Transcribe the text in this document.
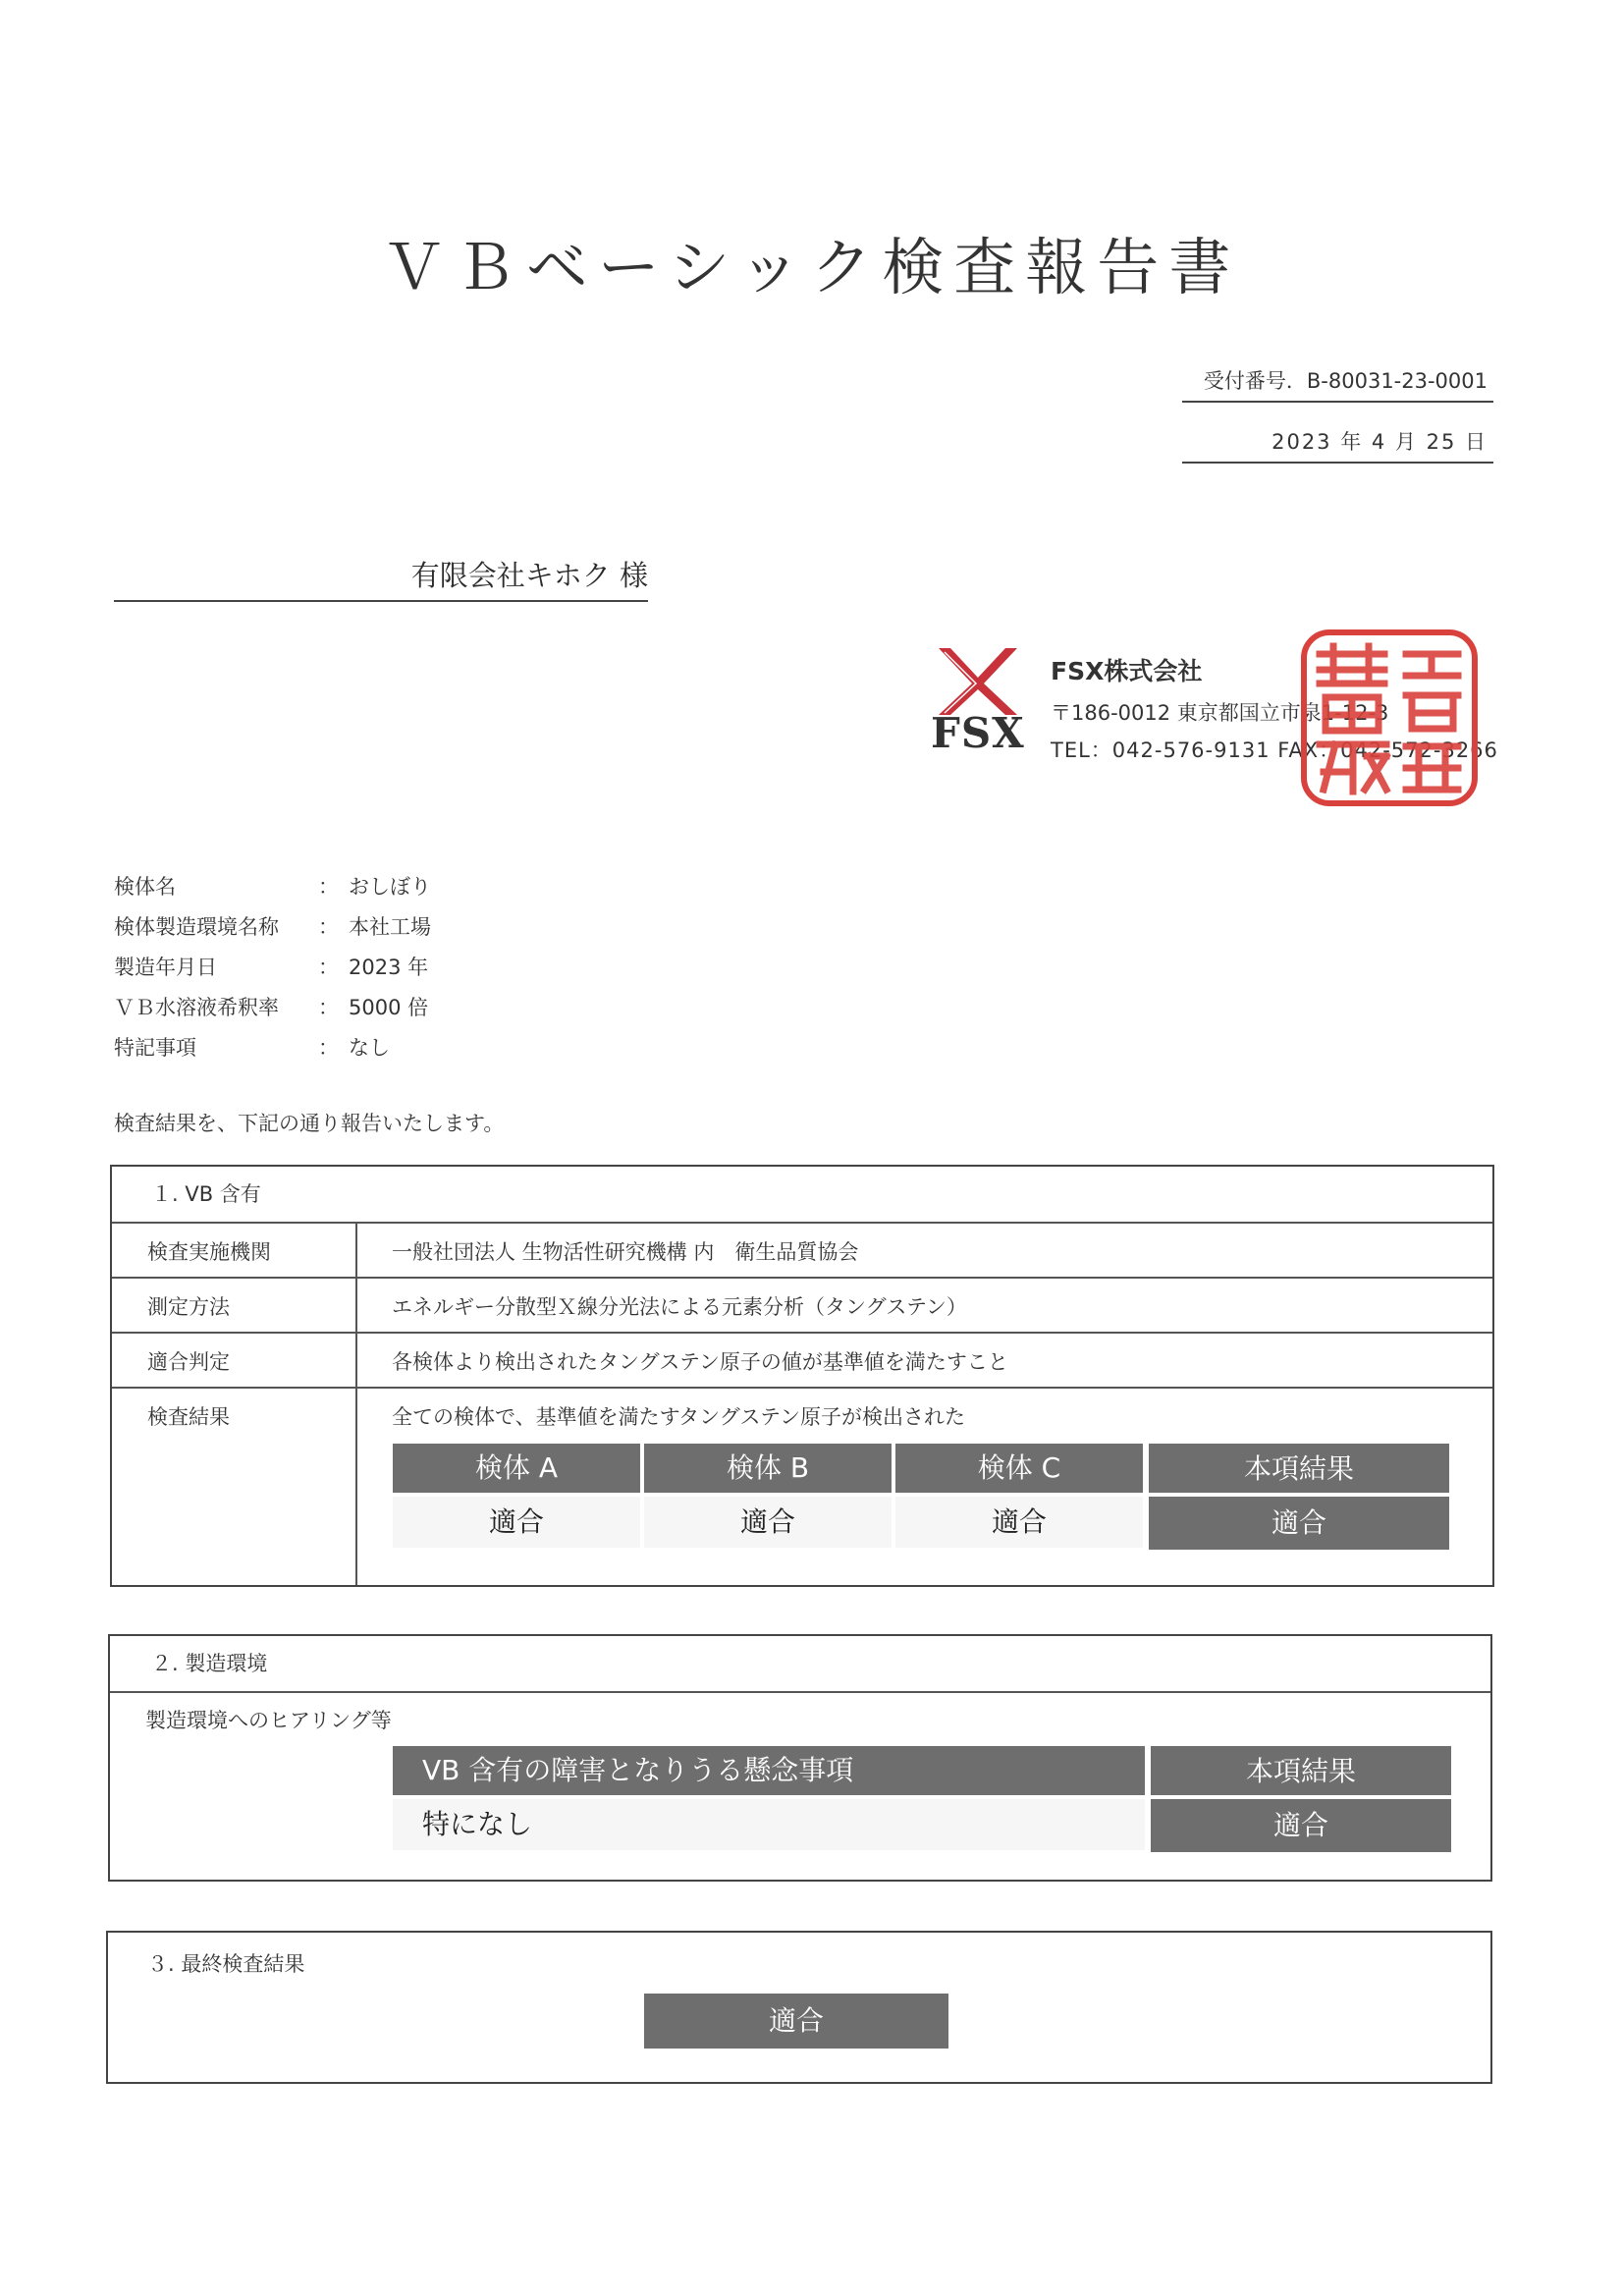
ＶＢベーシック検査報告書
受付番号．B-80031-23-0001
2023 年 4 月 25 日
有限会社キホク 様
FSX
FSX株式会社
〒186-0012 東京都国立市泉1-12-3
TEL：042-576-9131 FAX：042-572-3266
検体名	： おしぼり
検体製造環境名称 ： 本社工場
製造年月日	： 2023 年
ＶＢ水溶液希釈率 ： 5000 倍
特記事項	： なし
検査結果を、下記の通り報告いたします。
１. VB 含有
検査実施機関	一般社団法人 生物活性研究機構 内　衛生品質協会
測定方法	エネルギー分散型Ｘ線分光法による元素分析（タングステン）
適合判定	各検体より検出されたタングステン原子の値が基準値を満たすこと
検査結果	全ての検体で、基準値を満たすタングステン原子が検出された
検体 A	検体 B	検体 C	本項結果
適合	適合	適合	適合
２. 製造環境
製造環境へのヒアリング等
VB 含有の障害となりうる懸念事項	本項結果
特になし	適合
３. 最終検査結果
適合
